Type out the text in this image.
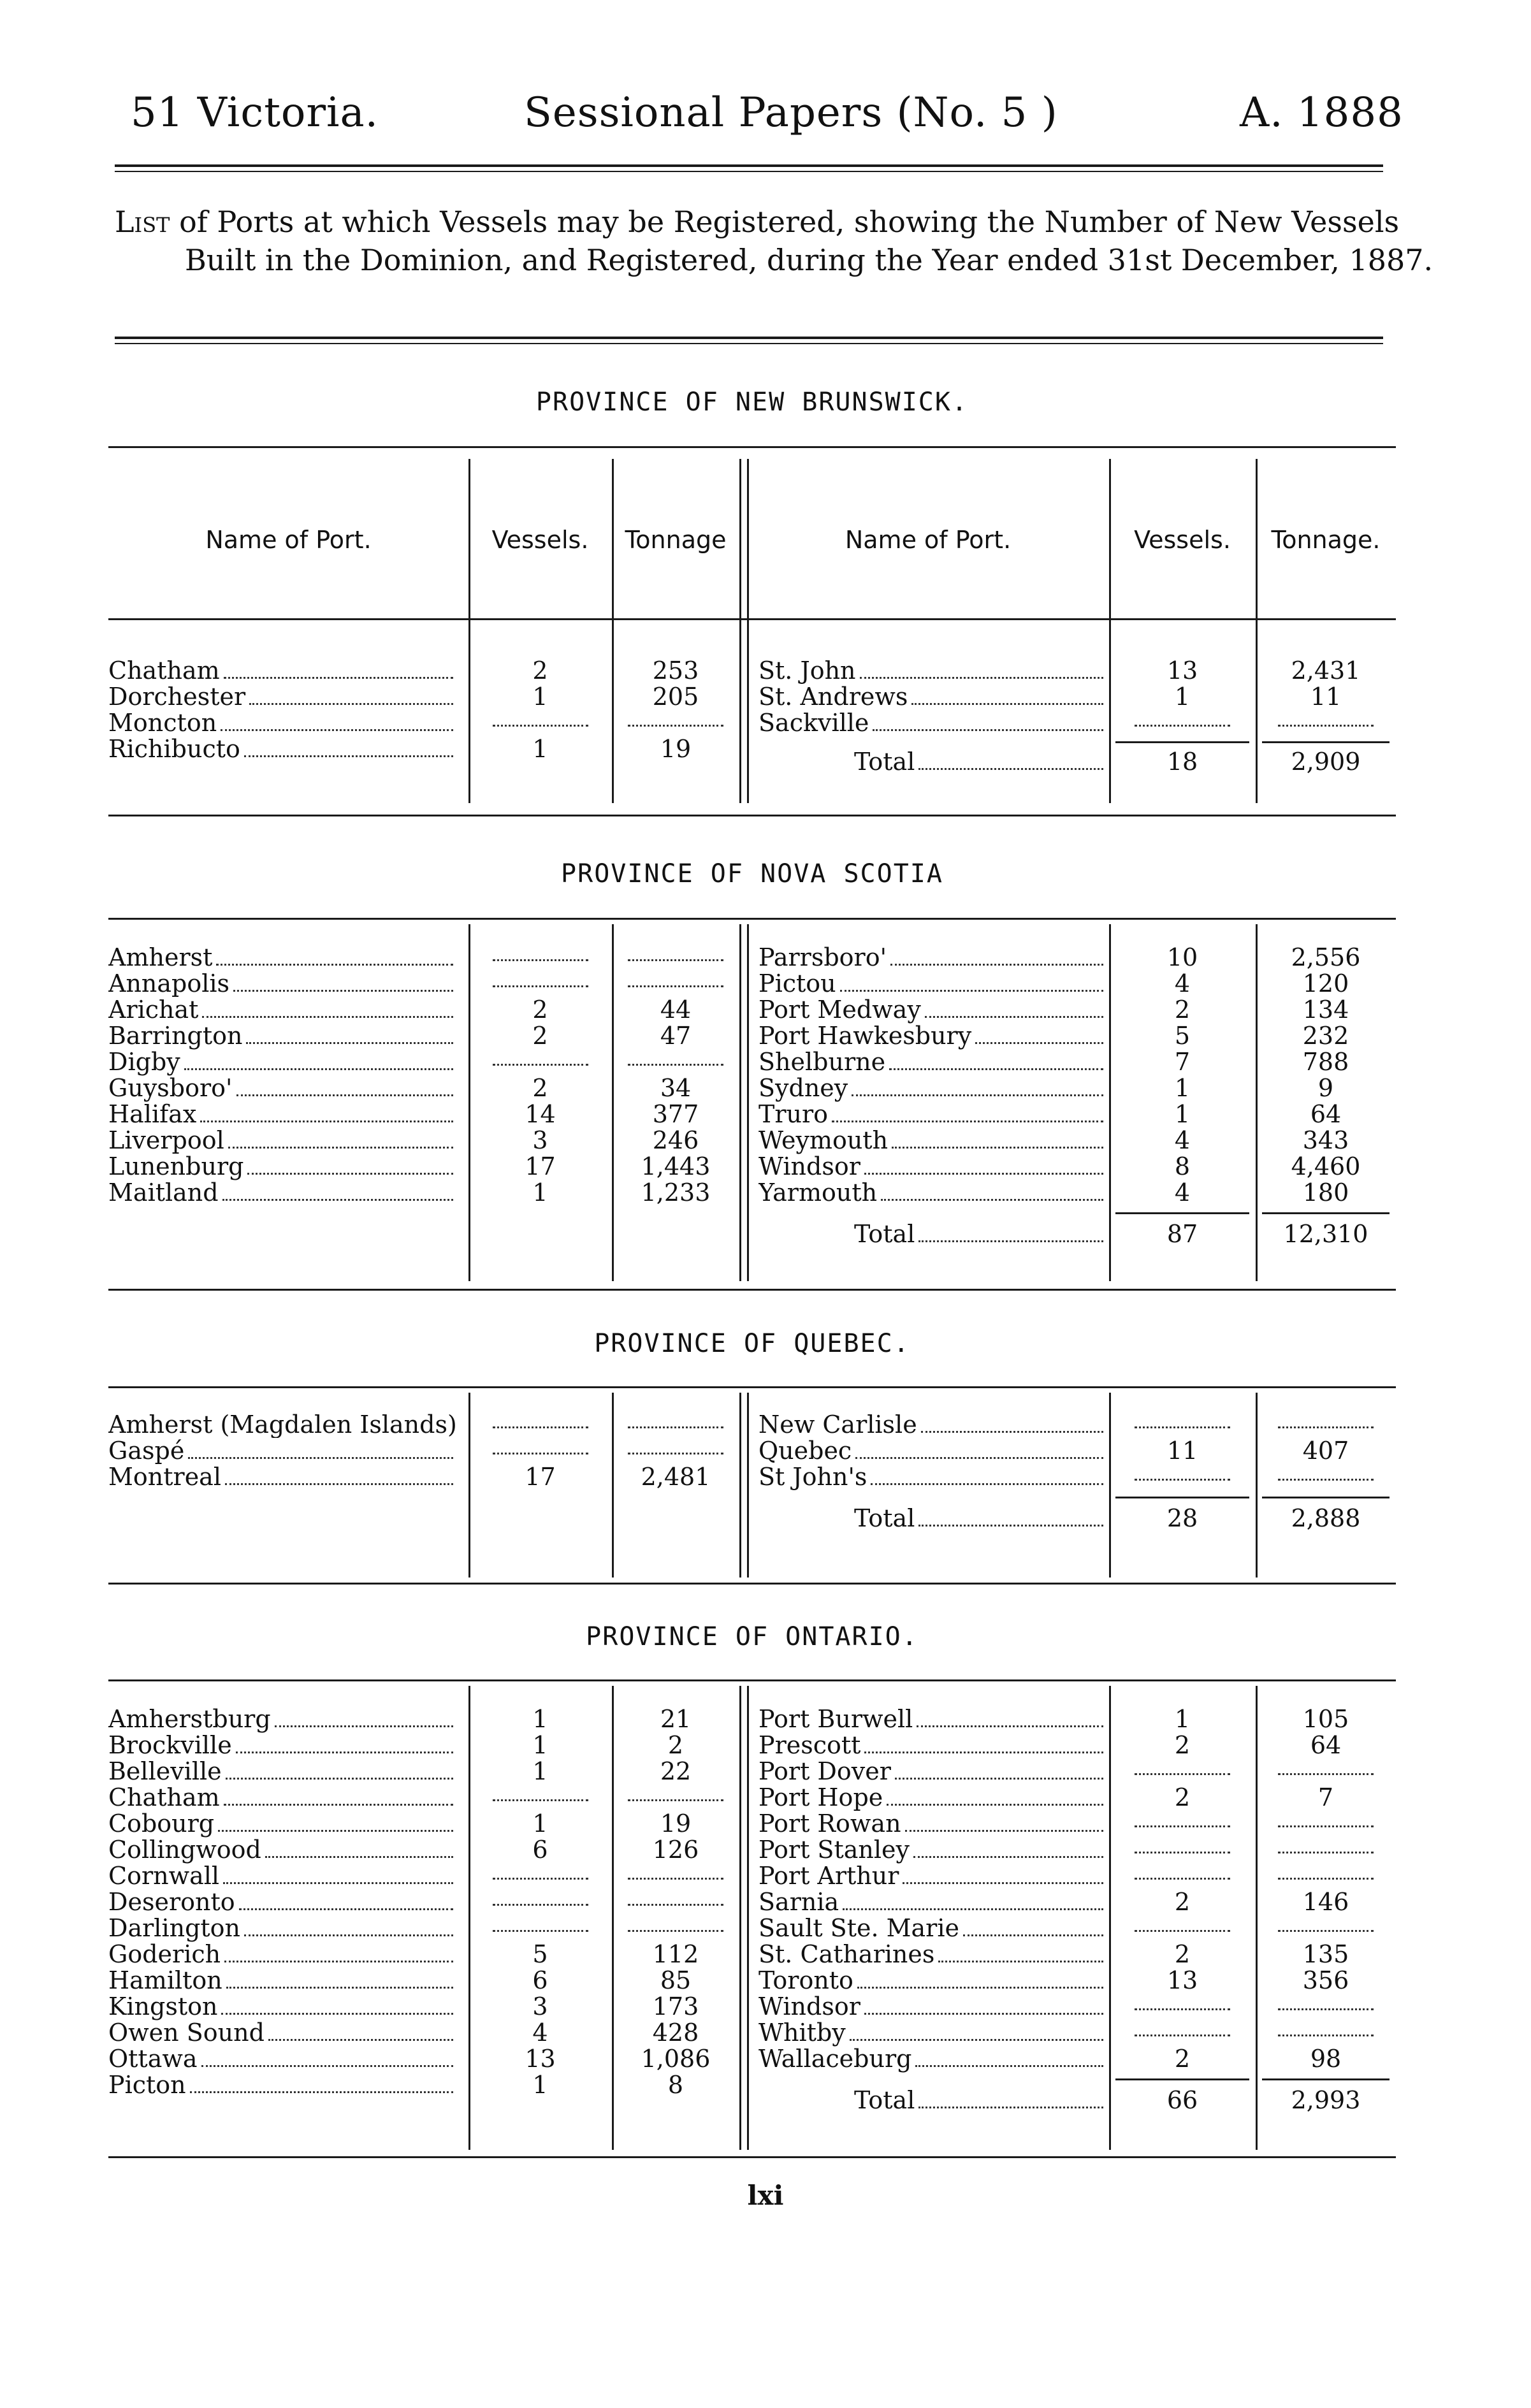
51 Victoria.	Sessional Papers (No. 5 )	A. 1888
List of Ports at which Vessels may be Registered, showing the Number of New Vessels Built in the Dominion, and Registered, during the Year ended 31st December, 1887.
PROVINCE OF NEW BRUNSWICK.
Name of Port.	Vessels.	Tonnage	Name of Port.	Vessels.	Tonnage.
Chatham	2	253
Dorchester	1	205
Moncton
Richibucto	1	19
St. John	13	2,431
St. Andrews	1	11
Sackville
Total	18	2,909
PROVINCE OF NOVA SCOTIA
Amherst
Annapolis
Arichat	2	44
Barrington	2	47
Digby
Guysboro'	2	34
Halifax	14	377
Liverpool	3	246
Lunenburg	17	1,443
Maitland	1	1,233
Parrsboro'	10	2,556
Pictou	4	120
Port Medway	2	134
Port Hawkesbury	5	232
Shelburne	7	788
Sydney	1	9
Truro	1	64
Weymouth	4	343
Windsor	8	4,460
Yarmouth	4	180
Total	87	12,310
PROVINCE OF QUEBEC.
Amherst (Magdalen Islands)
Gaspé
Montreal	17	2,481
New Carlisle
Quebec	11	407
St John's
Total	28	2,888
PROVINCE OF ONTARIO.
Amherstburg	1	21
Brockville	1	2
Belleville	1	22
Chatham
Cobourg	1	19
Collingwood	6	126
Cornwall
Deseronto
Darlington
Goderich	5	112
Hamilton	6	85
Kingston	3	173
Owen Sound	4	428
Ottawa	13	1,086
Picton	1	8
Port Burwell	1	105
Prescott	2	64
Port Dover
Port Hope	2	7
Port Rowan
Port Stanley
Port Arthur
Sarnia	2	146
Sault Ste. Marie
St. Catharines	2	135
Toronto	13	356
Windsor
Whitby
Wallaceburg	2	98
Total	66	2,993
lxi
